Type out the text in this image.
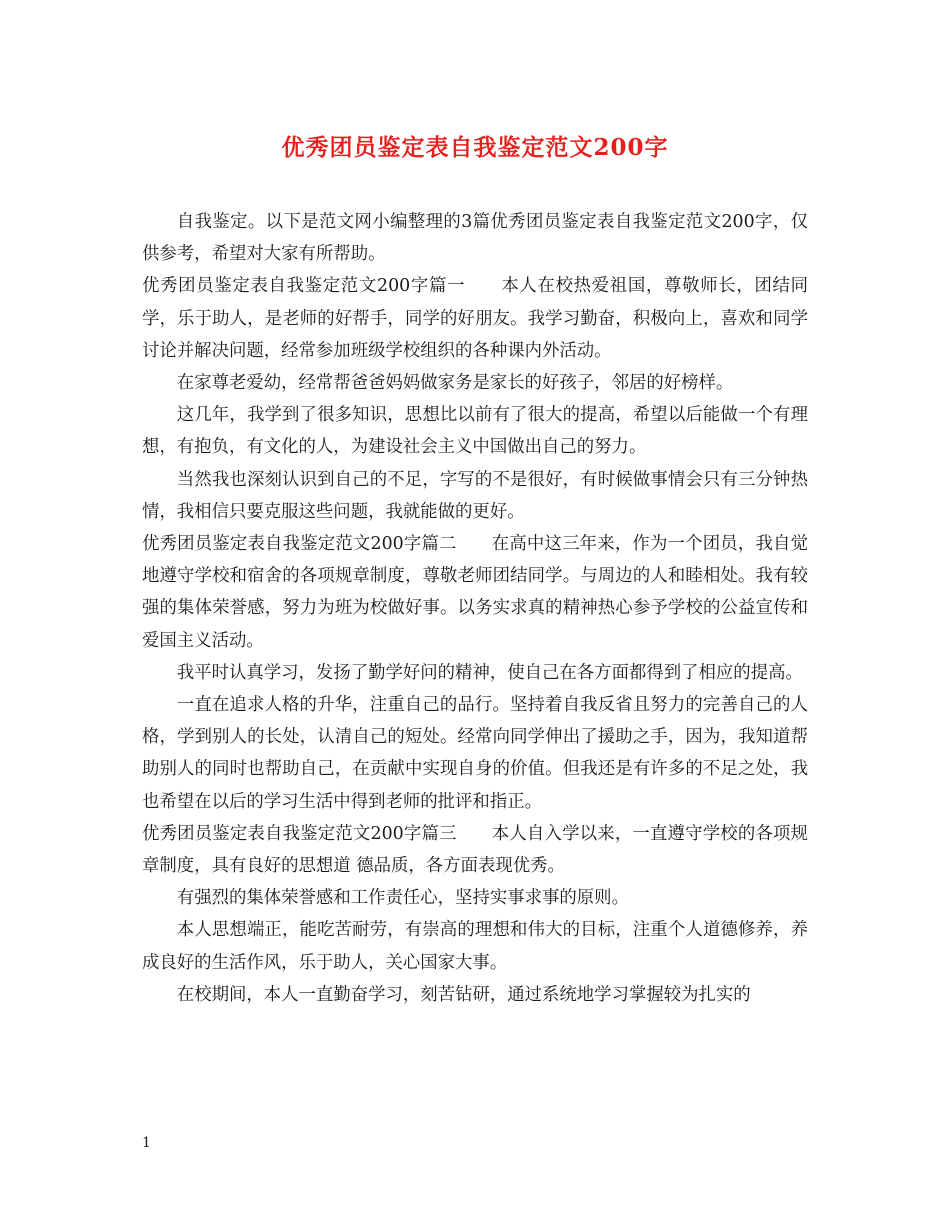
优秀团员鉴定表自我鉴定范文200字

自我鉴定。以下是范文网小编整理的3篇优秀团员鉴定表自我鉴定范文200字，仅供参考，希望对大家有所帮助。

优秀团员鉴定表自我鉴定范文200字篇一　　本人在校热爱祖国，尊敬师长，团结同学，乐于助人，是老师的好帮手，同学的好朋友。我学习勤奋，积极向上，喜欢和同学讨论并解决问题，经常参加班级学校组织的各种课内外活动。

在家尊老爱幼，经常帮爸爸妈妈做家务是家长的好孩子，邻居的好榜样。

这几年，我学到了很多知识，思想比以前有了很大的提高，希望以后能做一个有理想，有抱负，有文化的人，为建设社会主义中国做出自己的努力。

当然我也深刻认识到自己的不足，字写的不是很好，有时候做事情会只有三分钟热情，我相信只要克服这些问题，我就能做的更好。

优秀团员鉴定表自我鉴定范文200字篇二　　在高中这三年来，作为一个团员，我自觉地遵守学校和宿舍的各项规章制度，尊敬老师团结同学。与周边的人和睦相处。我有较强的集体荣誉感，努力为班为校做好事。以务实求真的精神热心参予学校的公益宣传和爱国主义活动。

我平时认真学习，发扬了勤学好问的精神，使自己在各方面都得到了相应的提高。

一直在追求人格的升华，注重自己的品行。坚持着自我反省且努力的完善自己的人格，学到别人的长处，认清自己的短处。经常向同学伸出了援助之手，因为，我知道帮助别人的同时也帮助自己，在贡献中实现自身的价值。但我还是有许多的不足之处，我也希望在以后的学习生活中得到老师的批评和指正。

优秀团员鉴定表自我鉴定范文200字篇三　　本人自入学以来，一直遵守学校的各项规章制度，具有良好的思想道 德品质，各方面表现优秀。

有强烈的集体荣誉感和工作责任心，坚持实事求事的原则。

本人思想端正，能吃苦耐劳，有崇高的理想和伟大的目标，注重个人道德修养，养成良好的生活作风，乐于助人，关心国家大事。

在校期间，本人一直勤奋学习，刻苦钻研，通过系统地学习掌握较为扎实的

1
